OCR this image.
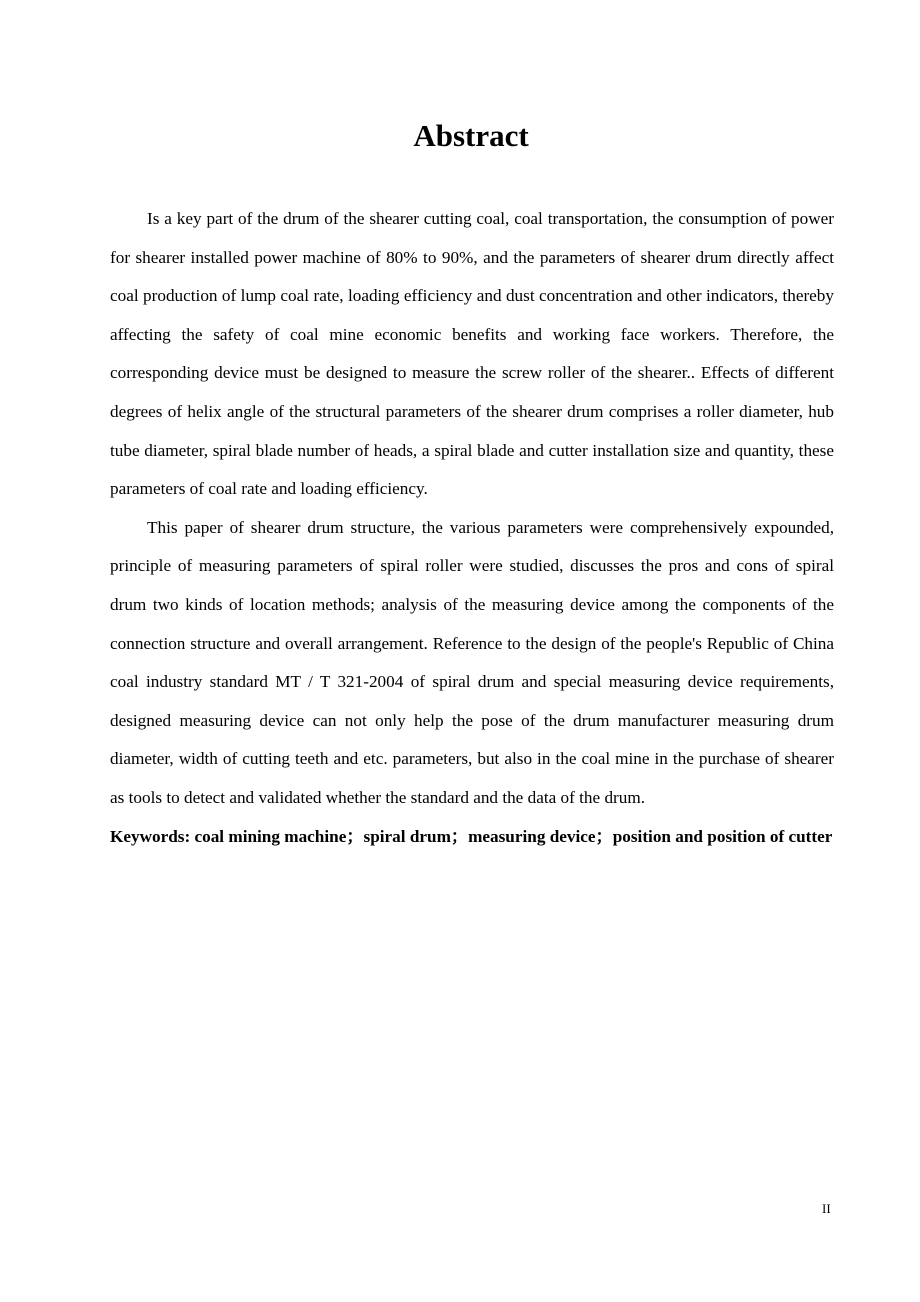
Abstract

Is a key part of the drum of the shearer cutting coal, coal transportation, the consumption of power for shearer installed power machine of 80% to 90%, and the parameters of shearer drum directly affect coal production of lump coal rate, loading efficiency and dust concentration and other indicators, thereby affecting the safety of coal mine economic benefits and working face workers. Therefore, the corresponding device must be designed to measure the screw roller of the shearer.. Effects of different degrees of helix angle of the structural parameters of the shearer drum comprises a roller diameter, hub tube diameter, spiral blade number of heads, a spiral blade and cutter installation size and quantity, these parameters of coal rate and loading efficiency.

This paper of shearer drum structure, the various parameters were comprehensively expounded, principle of measuring parameters of spiral roller were studied, discusses the pros and cons of spiral drum two kinds of location methods; analysis of the measuring device among the components of the connection structure and overall arrangement. Reference to the design of the people's Republic of China coal industry standard MT / T 321-2004 of spiral drum and special measuring device requirements, designed measuring device can not only help the pose of the drum manufacturer measuring drum diameter, width of cutting teeth and etc. parameters, but also in the coal mine in the purchase of shearer as tools to detect and validated whether the standard and the data of the drum.

Keywords: coal mining machine；spiral drum；measuring device；position and position of cutter

II
